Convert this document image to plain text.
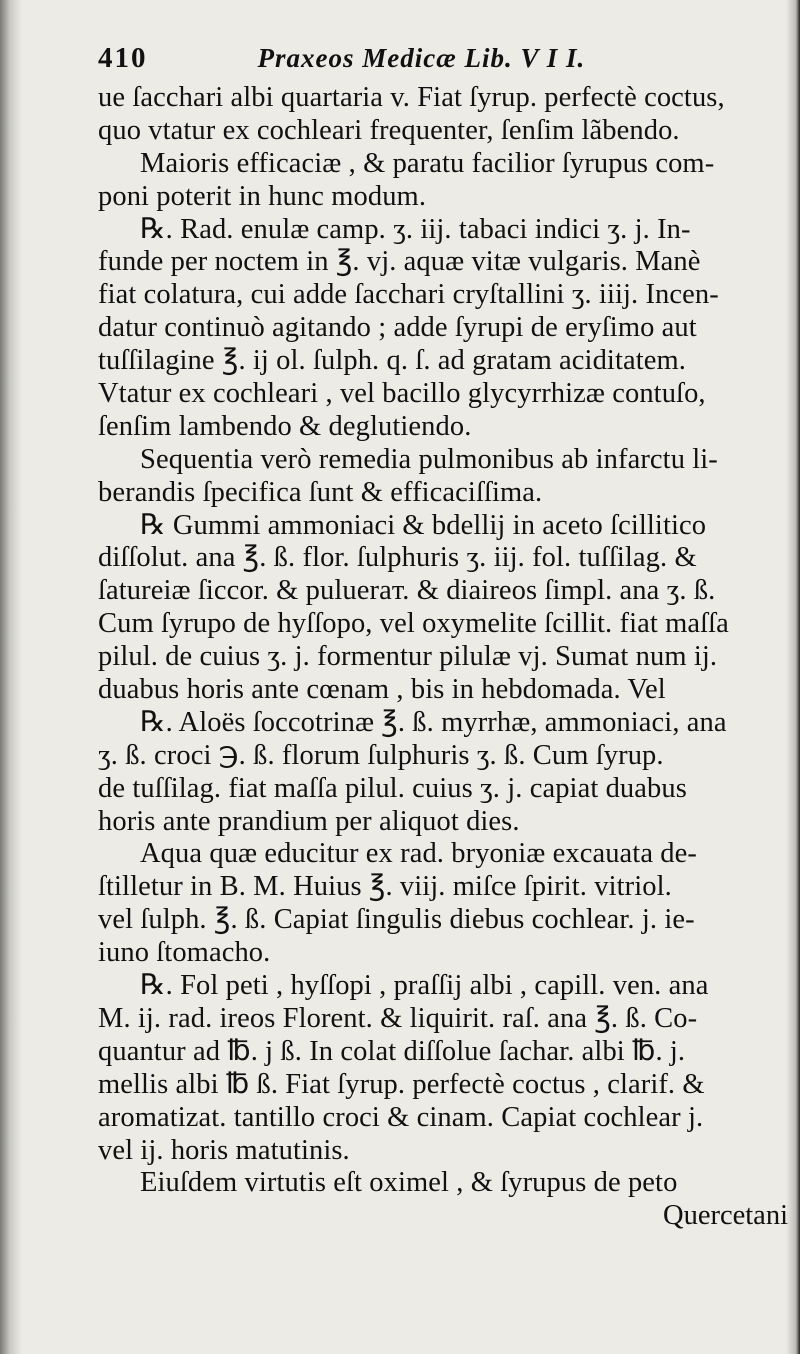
410	Praxeos Medicæ Lib. V I I.
ue ſacchari albi quartaria v. Fiat ſyrup. perfectè coctus,
quo vtatur ex cochleari frequenter, ſenſim lãbendo.
Maioris efficaciæ , & paratu facilior ſyrupus com-
poni poterit in hunc modum.
℞. Rad. enulæ camp. ʒ. iij. tabaci indici ʒ. j. In-
funde per noctem in ℥. vj. aquæ vitæ vulgaris. Manè
fiat colatura, cui adde ſacchari cryſtallini ʒ. iiij. Incen-
datur continuò agitando ; adde ſyrupi de eryſimo aut
tuſſilagine ℥. ij ol. ſulph. q. ſ. ad gratam aciditatem.
Vtatur ex cochleari , vel bacillo glycyrrhizæ contuſo,
ſenſim lambendo & deglutiendo.
Sequentia verò remedia pulmonibus ab infarctu li-
berandis ſpecifica ſunt & efficaciſſima.
℞ Gummi ammoniaci & bdellij in aceto ſcillitico
diſſolut. ana ℥. ß. flor. ſulphuris ʒ. iij. fol. tuſſilag. &
ſatureiæ ſiccor. & pulueraт. & diaireos ſimpl. ana ʒ. ß.
Cum ſyrupo de hyſſopo, vel oxymelite ſcillit. fiat maſſa
pilul. de cuius ʒ. j. formentur pilulæ vj. Sumat num ij.
duabus horis ante cœnam , bis in hebdomada. Vel
℞. Aloës ſoccotrinæ ℥. ß. myrrhæ, ammoniaci, ana
ʒ. ß. croci ℈. ß. florum ſulphuris ʒ. ß. Cum ſyrup.
de tuſſilag. fiat maſſa pilul. cuius ʒ. j. capiat duabus
horis ante prandium per aliquot dies.
Aqua quæ educitur ex rad. bryoniæ excauata de-
ſtilletur in B. M. Huius ℥. viij. miſce ſpirit. vitriol.
vel ſulph. ℥. ß. Capiat ſingulis diebus cochlear. j. ie-
iuno ſtomacho.
℞. Fol peti , hyſſopi , praſſij albi , capill. ven. ana
M. ij. rad. ireos Florent. & liquirit. raſ. ana ℥. ß. Co-
quantur ad ℔. j ß. In colat diſſolue ſachar. albi ℔. j.
mellis albi ℔ ß. Fiat ſyrup. perfectè coctus , clarif. &
aromatizat. tantillo croci & cinam. Capiat cochlear j.
vel ij. horis matutinis.
Eiuſdem virtutis eſt oximel , & ſyrupus de peto
Quercetani
